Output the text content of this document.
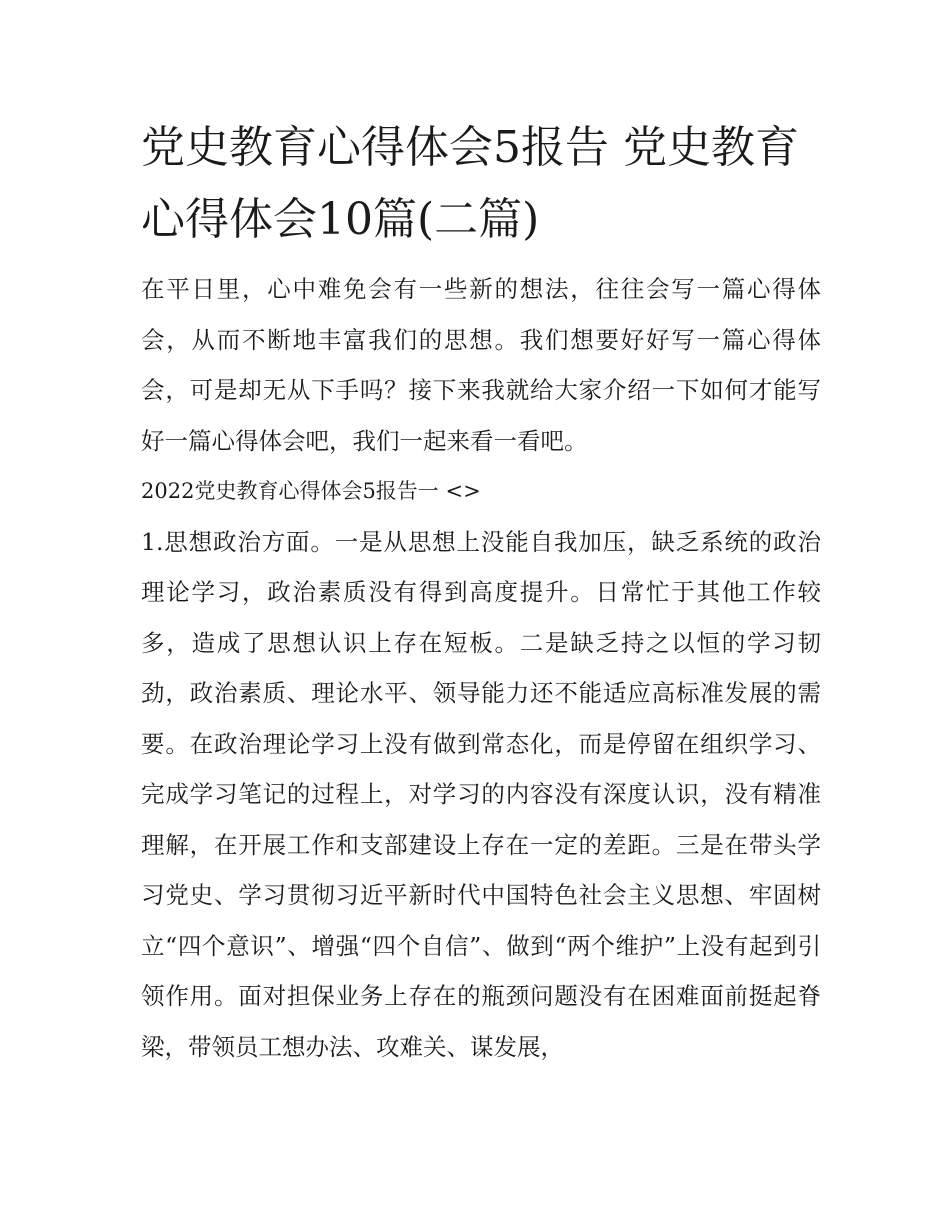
党史教育心得体会5报告 党史教育心得体会10篇(二篇)

在平日里，心中难免会有一些新的想法，往往会写一篇心得体会，从而不断地丰富我们的思想。我们想要好好写一篇心得体会，可是却无从下手吗？接下来我就给大家介绍一下如何才能写好一篇心得体会吧，我们一起来看一看吧。

2022党史教育心得体会5报告一 <>

1.思想政治方面。一是从思想上没能自我加压，缺乏系统的政治理论学习，政治素质没有得到高度提升。日常忙于其他工作较多，造成了思想认识上存在短板。二是缺乏持之以恒的学习韧劲，政治素质、理论水平、领导能力还不能适应高标准发展的需要。在政治理论学习上没有做到常态化，而是停留在组织学习、完成学习笔记的过程上，对学习的内容没有深度认识，没有精准理解，在开展工作和支部建设上存在一定的差距。三是在带头学习党史、学习贯彻习近平新时代中国特色社会主义思想、牢固树立“四个意识”、增强“四个自信”、做到“两个维护”上没有起到引领作用。面对担保业务上存在的瓶颈问题没有在困难面前挺起脊梁，带领员工想办法、攻难关、谋发展，
